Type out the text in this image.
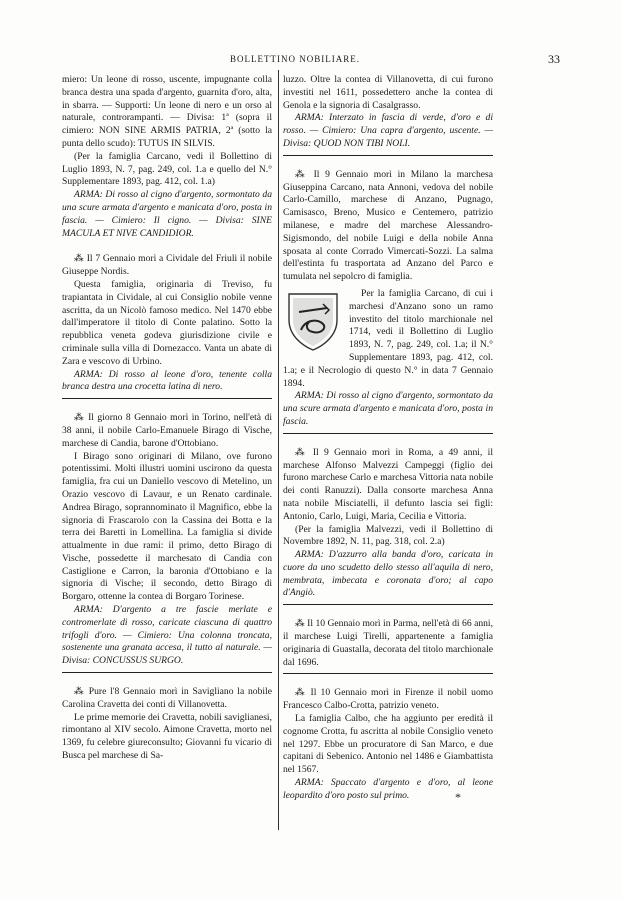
BOLLETTINO NOBILIARE.	33

miero: Un leone di rosso, uscente, impugnante colla branca destra una spada d'argento, guarnita d'oro, alta, in sbarra. — Supporti: Un leone di nero e un orso al naturale, controrampanti. — Divisa: 1ª (sopra il cimiero: NON SINE ARMIS PATRIA, 2ª (sotto la punta dello scudo): TUTUS IN SILVIS.

(Per la famiglia Carcano, vedi il Bollettino di Luglio 1893, N. 7, pag. 249, col. 1.a e quello del N.° Supplementare 1893, pag. 412, col. 1.a)

ARMA: Di rosso al cigno d'argento, sormontato da una scure armata d'argento e manicata d'oro, posta in fascia. — Cimiero: Il cigno. — Divisa: SINE MACULA ET NIVE CANDIDIOR.

⁂ Il 7 Gennaio morì a Cividale del Friuli il nobile Giuseppe Nordis.

Questa famiglia, originaria di Treviso, fu trapiantata in Cividale, al cui Consiglio nobile venne ascritta, da un Nicolò famoso medico. Nel 1470 ebbe dall'imperatore il titolo di Conte palatino. Sotto la repubblica veneta godeva giurisdizione civile e criminale sulla villa di Dornezacco. Vanta un abate di Zara e vescovo di Urbino.

ARMA: Di rosso al leone d'oro, tenente colla branca destra una crocetta latina di nero.

⁂ Il giorno 8 Gennaio morì in Torino, nell'età di 38 anni, il nobile Carlo-Emanuele Birago di Vische, marchese di Candia, barone d'Ottobiano.

I Birago sono originari di Milano, ove furono potentissimi. Molti illustri uomini uscirono da questa famiglia, fra cui un Daniello vescovo di Metelino, un Orazio vescovo di Lavaur, e un Renato cardinale. Andrea Birago, soprannominato il Magnifico, ebbe la signoria di Frascarolo con la Cassina dei Botta e la terra dei Baretti in Lomellina. La famiglia si divide attualmente in due rami: il primo, detto Birago di Vische, possedette il marchesato di Candia con Castiglione e Carron, la baronia d'Ottobiano e la signoria di Vische; il secondo, detto Birago di Borgaro, ottenne la contea di Borgaro Torinese.

ARMA: D'argento a tre fascie merlate e contromerlate di rosso, caricate ciascuna di quattro trifogli d'oro. — Cimiero: Una colonna troncata, sostenente una granata accesa, il tutto al naturale. — Divisa: CONCUSSUS SURGO.

⁂ Pure l'8 Gennaio morì in Savigliano la nobile Carolina Cravetta dei conti di Villanovetta.

Le prime memorie dei Cravetta, nobili saviglianesi, rimontano al XIV secolo. Aimone Cravetta, morto nel 1369, fu celebre giureconsulto; Giovanni fu vicario di Busca pel marchese di Sa-

luzzo. Oltre la contea di Villanovetta, di cui furono investiti nel 1611, possedettero anche la contea di Genola e la signoria di Casalgrasso.

ARMA: Interzato in fascia di verde, d'oro e di rosso. — Cimiero: Una capra d'argento, uscente. — Divisa: QUOD NON TIBI NOLI.

⁂ Il 9 Gennaio morì in Milano la marchesa Giuseppina Carcano, nata Annoni, vedova del nobile Carlo-Camillo, marchese di Anzano, Pugnago, Camisasco, Breno, Musico e Centemero, patrizio milanese, e madre del marchese Alessandro-Sigismondo, del nobile Luigi e della nobile Anna sposata al conte Corrado Vimercati-Sozzi. La salma dell'estinta fu trasportata ad Anzano del Parco e tumulata nel sepolcro di famiglia.

Per la famiglia Carcano, di cui i marchesi d'Anzano sono un ramo investito del titolo marchionale nel 1714, vedi il Bollettino di Luglio 1893, N. 7, pag. 249, col. 1.a; il N.° Supplementare 1893, pag. 412, col. 1.a; e il Necrologio di questo N.° in data 7 Gennaio 1894.

ARMA: Di rosso al cigno d'argento, sormontato da una scure armata d'argento e manicata d'oro, posta in fascia.

⁂ Il 9 Gennaio morì in Roma, a 49 anni, il marchese Alfonso Malvezzi Campeggi (figlio dei furono marchese Carlo e marchesa Vittoria nata nobile dei conti Ranuzzi). Dalla consorte marchesa Anna nata nobile Misciatelli, il defunto lascia sei figli: Antonio, Carlo, Luigi, Maria, Cecilia e Vittoria.

(Per la famiglia Malvezzi, vedi il Bollettino di Novembre 1892, N. 11, pag. 318, col. 2.a)

ARMA: D'azzurro alla banda d'oro, caricata in cuore da uno scudetto dello stesso all'aquila di nero, membrata, imbecata e coronata d'oro; al capo d'Angiò.

⁂ Il 10 Gennaio morì in Parma, nell'età di 66 anni, il marchese Luigi Tirelli, appartenente a famiglia originaria di Guastalla, decorata del titolo marchionale dal 1696.

⁂ Il 10 Gennaio morì in Firenze il nobil uomo Francesco Calbo-Crotta, patrizio veneto.

La famiglia Calbo, che ha aggiunto per eredità il cognome Crotta, fu ascritta al nobile Consiglio veneto nel 1297. Ebbe un procuratore di San Marco, e due capitani di Sebenico. Antonio nel 1486 e Giambattista nel 1567.

ARMA: Spaccato d'argento e d'oro, al leone leopardito d'oro posto sul primo.	*
